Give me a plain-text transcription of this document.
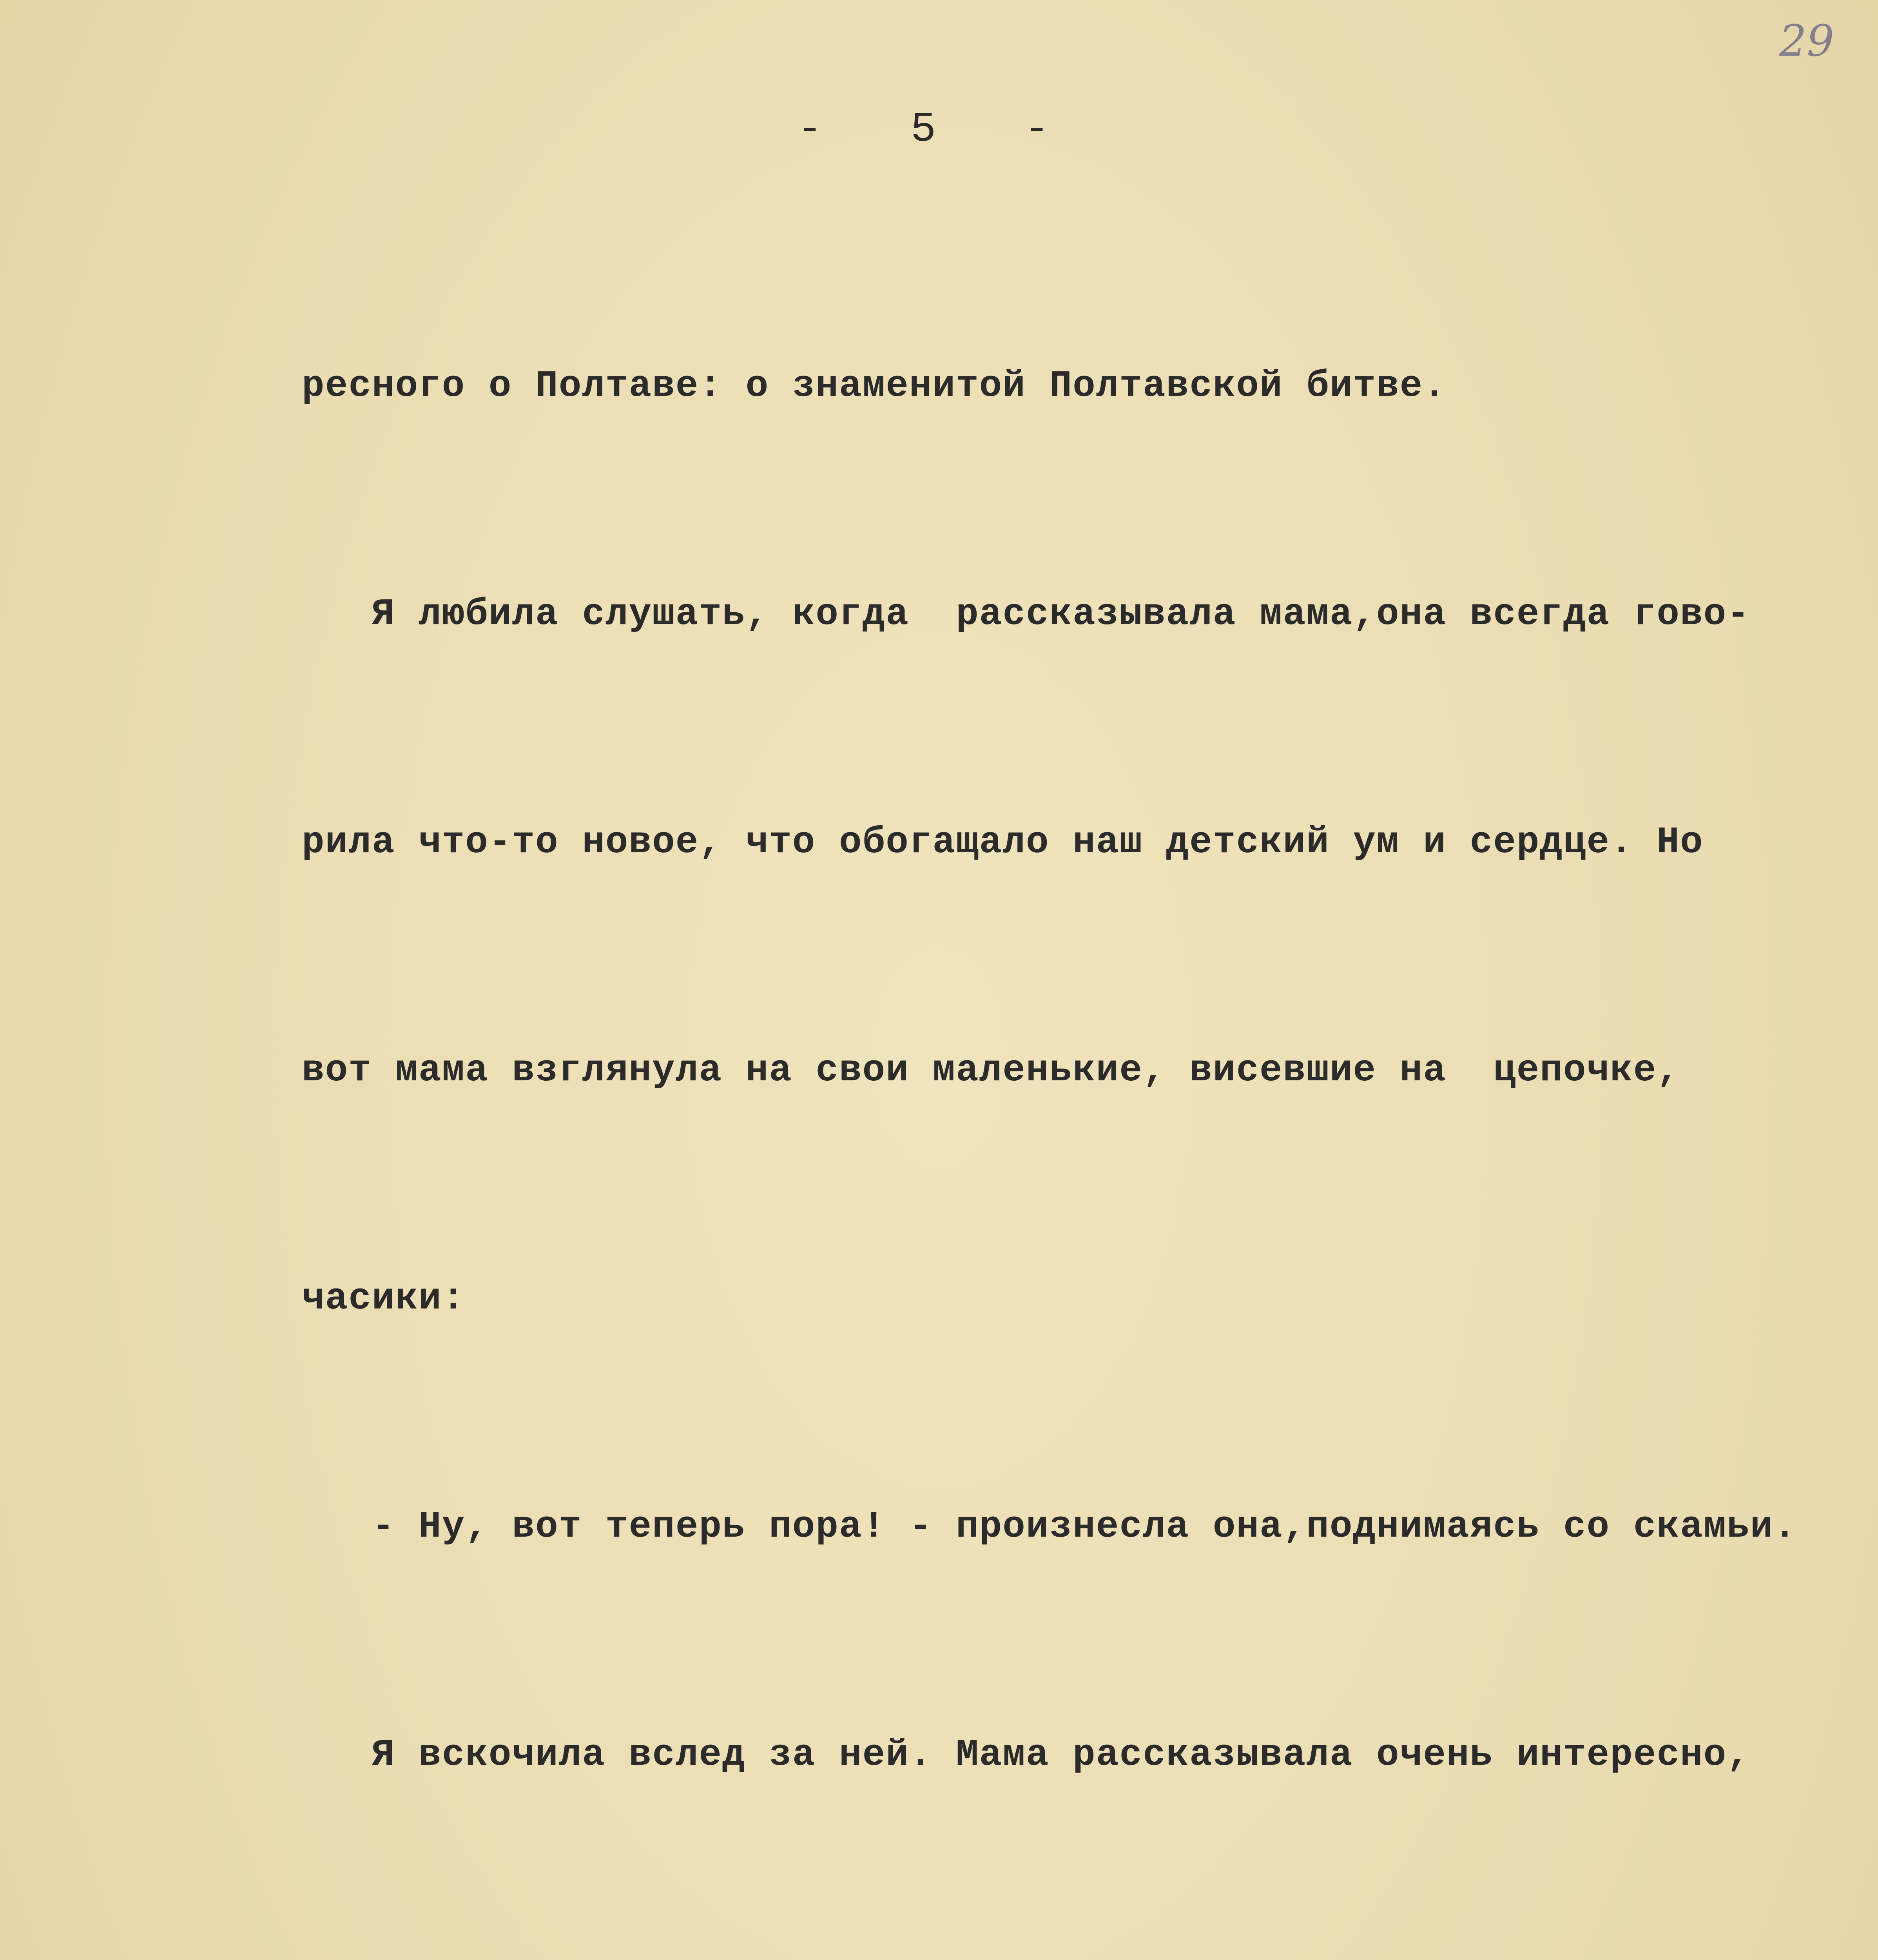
29
- 5 -

ресного о Полтаве: о знаменитой Полтавской битве.

Я любила слушать, когда  рассказывала мама,она всегда гово-

рила что-то новое, что обогащало наш детский ум и сердце. Но

вот мама взглянула на свои маленькие, висевшие на  цепочке,

часики:

- Ну, вот теперь пора! - произнесла она,поднимаясь со скамьи.

Я вскочила вслед за ней. Мама рассказывала очень интересно,
